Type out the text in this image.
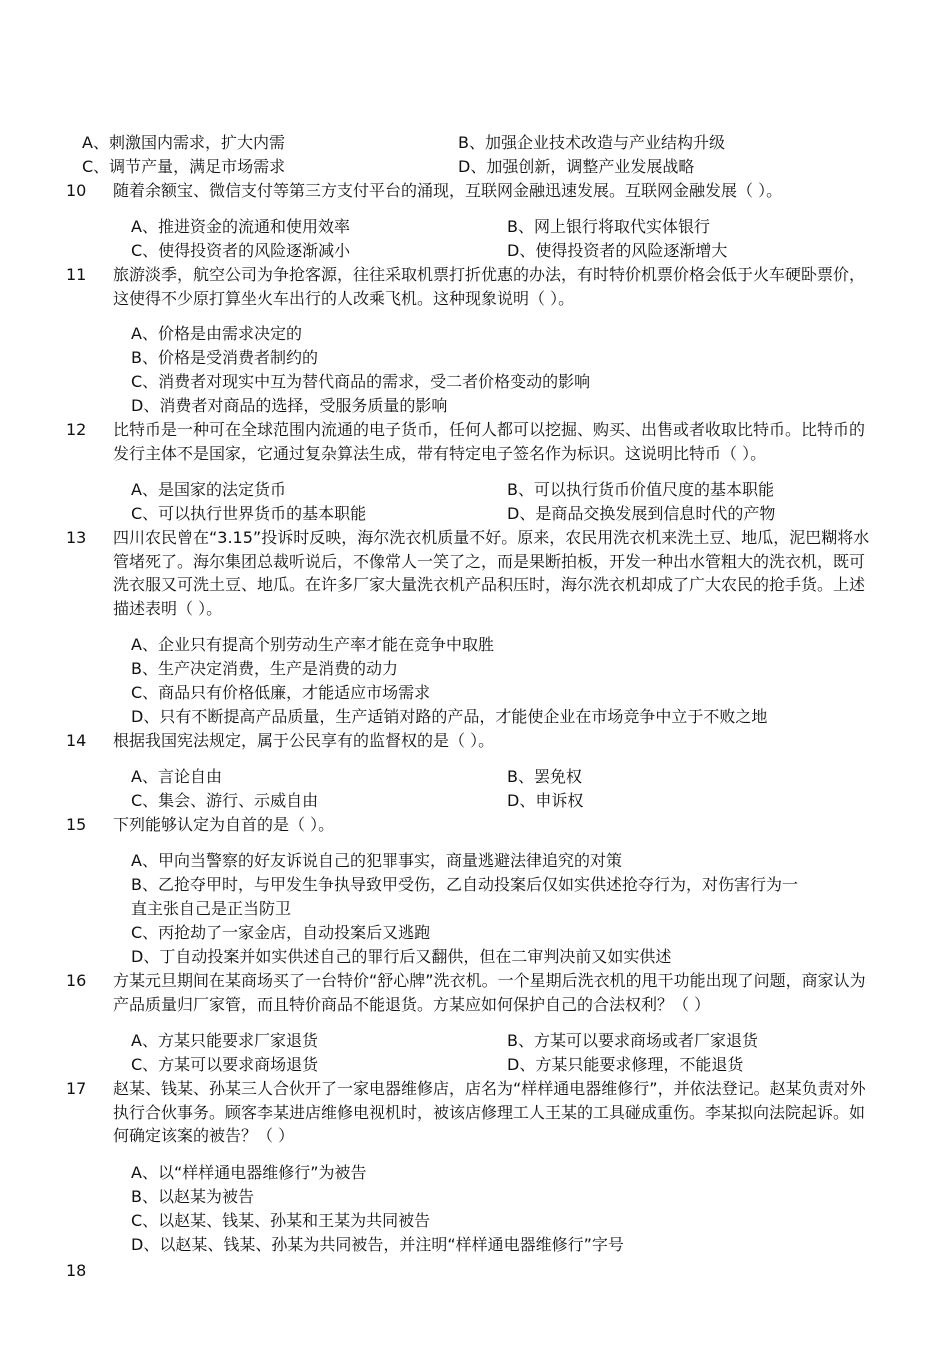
A、刺激国内需求，扩大内需	B、加强企业技术改造与产业结构升级
C、调节产量，满足市场需求	D、加强创新，调整产业发展战略
10 随着余额宝、微信支付等第三方支付平台的涌现，互联网金融迅速发展。互联网金融发展（ ）。
A、推进资金的流通和使用效率	B、网上银行将取代实体银行
C、使得投资者的风险逐渐减小	D、使得投资者的风险逐渐增大
11 旅游淡季，航空公司为争抢客源，往往采取机票打折优惠的办法，有时特价机票价格会低于火车硬卧票价，这使得不少原打算坐火车出行的人改乘飞机。这种现象说明（ ）。
A、价格是由需求决定的
B、价格是受消费者制约的
C、消费者对现实中互为替代商品的需求，受二者价格变动的影响
D、消费者对商品的选择，受服务质量的影响
12 比特币是一种可在全球范围内流通的电子货币，任何人都可以挖掘、购买、出售或者收取比特币。比特币的发行主体不是国家，它通过复杂算法生成，带有特定电子签名作为标识。这说明比特币（ ）。
A、是国家的法定货币	B、可以执行货币价值尺度的基本职能
C、可以执行世界货币的基本职能	D、是商品交换发展到信息时代的产物
13 四川农民曾在“3.15”投诉时反映，海尔洗衣机质量不好。原来，农民用洗衣机来洗土豆、地瓜，泥巴糊将水管堵死了。海尔集团总裁听说后，不像常人一笑了之，而是果断拍板，开发一种出水管粗大的洗衣机，既可洗衣服又可洗土豆、地瓜。在许多厂家大量洗衣机产品积压时，海尔洗衣机却成了广大农民的抢手货。上述描述表明（ ）。
A、企业只有提高个别劳动生产率才能在竞争中取胜
B、生产决定消费，生产是消费的动力
C、商品只有价格低廉，才能适应市场需求
D、只有不断提高产品质量，生产适销对路的产品，才能使企业在市场竞争中立于不败之地
14 根据我国宪法规定，属于公民享有的监督权的是（ ）。
A、言论自由	B、罢免权
C、集会、游行、示威自由	D、申诉权
15 下列能够认定为自首的是（ ）。
A、甲向当警察的好友诉说自己的犯罪事实，商量逃避法律追究的对策
B、乙抢夺甲时，与甲发生争执导致甲受伤，乙自动投案后仅如实供述抢夺行为，对伤害行为一
直主张自己是正当防卫
C、丙抢劫了一家金店，自动投案后又逃跑
D、丁自动投案并如实供述自己的罪行后又翻供，但在二审判决前又如实供述
16 方某元旦期间在某商场买了一台特价“舒心牌”洗衣机。一个星期后洗衣机的甩干功能出现了问题，商家认为产品质量归厂家管，而且特价商品不能退货。方某应如何保护自己的合法权利？（ ）
A、方某只能要求厂家退货	B、方某可以要求商场或者厂家退货
C、方某可以要求商场退货	D、方某只能要求修理，不能退货
17 赵某、钱某、孙某三人合伙开了一家电器维修店，店名为“样样通电器维修行”，并依法登记。赵某负责对外执行合伙事务。顾客李某进店维修电视机时，被该店修理工人王某的工具碰成重伤。李某拟向法院起诉。如何确定该案的被告？（ ）
A、以“样样通电器维修行”为被告
B、以赵某为被告
C、以赵某、钱某、孙某和王某为共同被告
D、以赵某、钱某、孙某为共同被告，并注明“样样通电器维修行”字号
18
